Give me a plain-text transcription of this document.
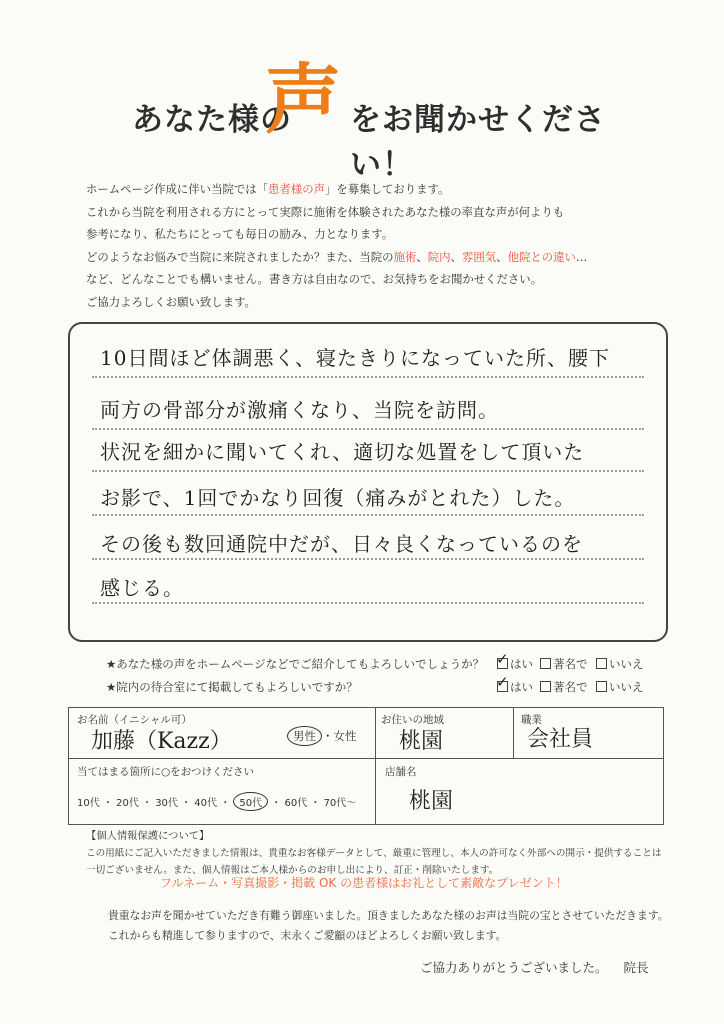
あなた様の
声 をお聞かせください！

ホームページ作成に伴い当院では「患者様の声」を募集しております。

これから当院を利用される方にとって実際に施術を体験されたあなた様の率直な声が何よりも

参考になり、私たちにとっても毎日の励み、力となります。

どのようなお悩みで当院に来院されましたか？また、当院の施術、院内、雰囲気、他院との違い…

など、どんなことでも構いません。書き方は自由なので、お気持ちをお聞かせください。

ご協力よろしくお願い致します。

10日間ほど体調悪く、寝たきりになっていた所、腰下
両方の骨部分が激痛くなり、当院を訪問。
状況を細かに聞いてくれ、適切な処置をして頂いた
お影で、1回でかなり回復（痛みがとれた）した。
その後も数回通院中だが、日々良くなっているのを
感じる。
★あなた様の声をホームページなどでご紹介してもよろしいでしょうか？ ✓	はい	著名で	いいえ
★院内の待合室にて掲載してもよろしいですか？ ✓	はい	著名で	いいえ
お名前（イニシャル可）
加藤（Kazz）	男性 ・女性
お住いの地域
桃園
職業
会社員
当てはまる箇所に○をおつけください
10代 ・ 20代 ・ 30代 ・ 40代 ・ 50代 ・ 60代 ・ 70代〜
店舗名
桃園

【個人情報保護について】

この用紙にご記入いただきました情報は、貴重なお客様データとして、厳重に管理し、本人の許可なく外部への開示・提供することは

一切ございません。また、個人情報はご本人様からのお申し出により、訂正・削除いたします。

フルネーム・写真撮影・掲載 OK の患者様はお礼として素敵なプレゼント！

貴重なお声を聞かせていただき有難う御座いました。頂きましたあなた様のお声は当院の宝とさせていただきます。

これからも精進して参りますので、末永くご愛顧のほどよろしくお願い致します。

ご協力ありがとうございました。 院長
